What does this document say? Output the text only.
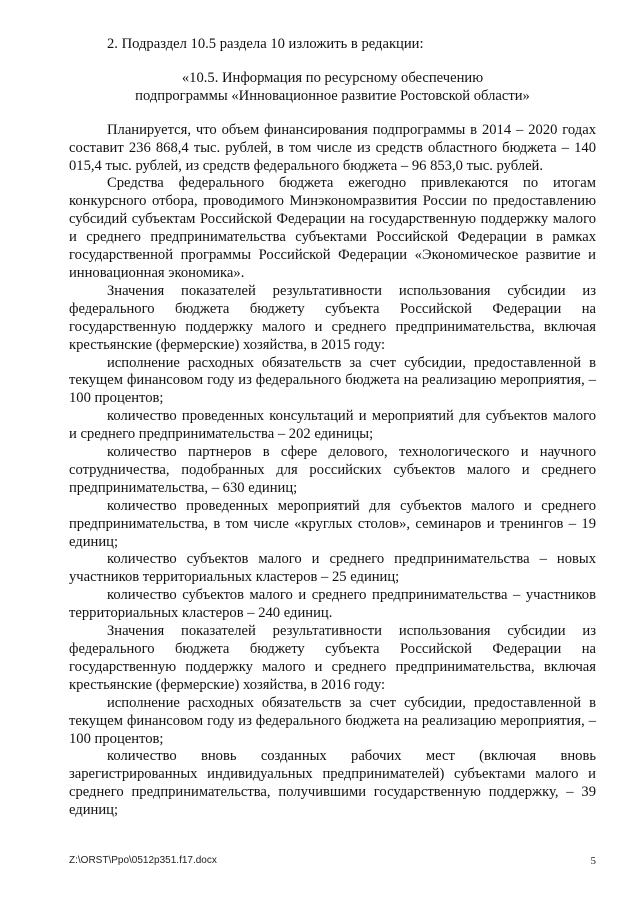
2. Подраздел 10.5 раздела 10 изложить в редакции:

«10.5. Информация по ресурсному обеспечению

подпрограммы «Инновационное развитие Ростовской области»

Планируется, что объем финансирования подпрограммы в 2014 – 2020 годах составит 236 868,4 тыс. рублей, в том числе из средств областного бюджета – 140 015,4 тыс. рублей, из средств федерального бюджета – 96 853,0 тыс. рублей.

Средства федерального бюджета ежегодно привлекаются по итогам конкурсного отбора, проводимого Минэкономразвития России по предоставлению субсидий субъектам Российской Федерации на государственную поддержку малого и среднего предпринимательства субъектами Российской Федерации в рамках государственной программы Российской Федерации «Экономическое развитие и инновационная экономика».

Значения показателей результативности использования субсидии из федерального бюджета бюджету субъекта Российской Федерации на государственную поддержку малого и среднего предпринимательства, включая крестьянские (фермерские) хозяйства, в 2015 году:

исполнение расходных обязательств за счет субсидии, предоставленной в текущем финансовом году из федерального бюджета на реализацию мероприятия, – 100 процентов;

количество проведенных консультаций и мероприятий для субъектов малого и среднего предпринимательства – 202 единицы;

количество партнеров в сфере делового, технологического и научного сотрудничества, подобранных для российских субъектов малого и среднего предпринимательства, – 630 единиц;

количество проведенных мероприятий для субъектов малого и среднего предпринимательства, в том числе «круглых столов», семинаров и тренингов – 19 единиц;

количество субъектов малого и среднего предпринимательства – новых участников территориальных кластеров – 25 единиц;

количество субъектов малого и среднего предпринимательства – участников территориальных кластеров – 240 единиц.

Значения показателей результативности использования субсидии из федерального бюджета бюджету субъекта Российской Федерации на государственную поддержку малого и среднего предпринимательства, включая крестьянские (фермерские) хозяйства, в 2016 году:

исполнение расходных обязательств за счет субсидии, предоставленной в текущем финансовом году из федерального бюджета на реализацию мероприятия, – 100 процентов;

количество вновь созданных рабочих мест (включая вновь зарегистрированных индивидуальных предпринимателей) субъектами малого и среднего предпринимательства, получившими государственную поддержку, – 39 единиц;

Z:\ORST\Ppo\0512p351.f17.docx	5
